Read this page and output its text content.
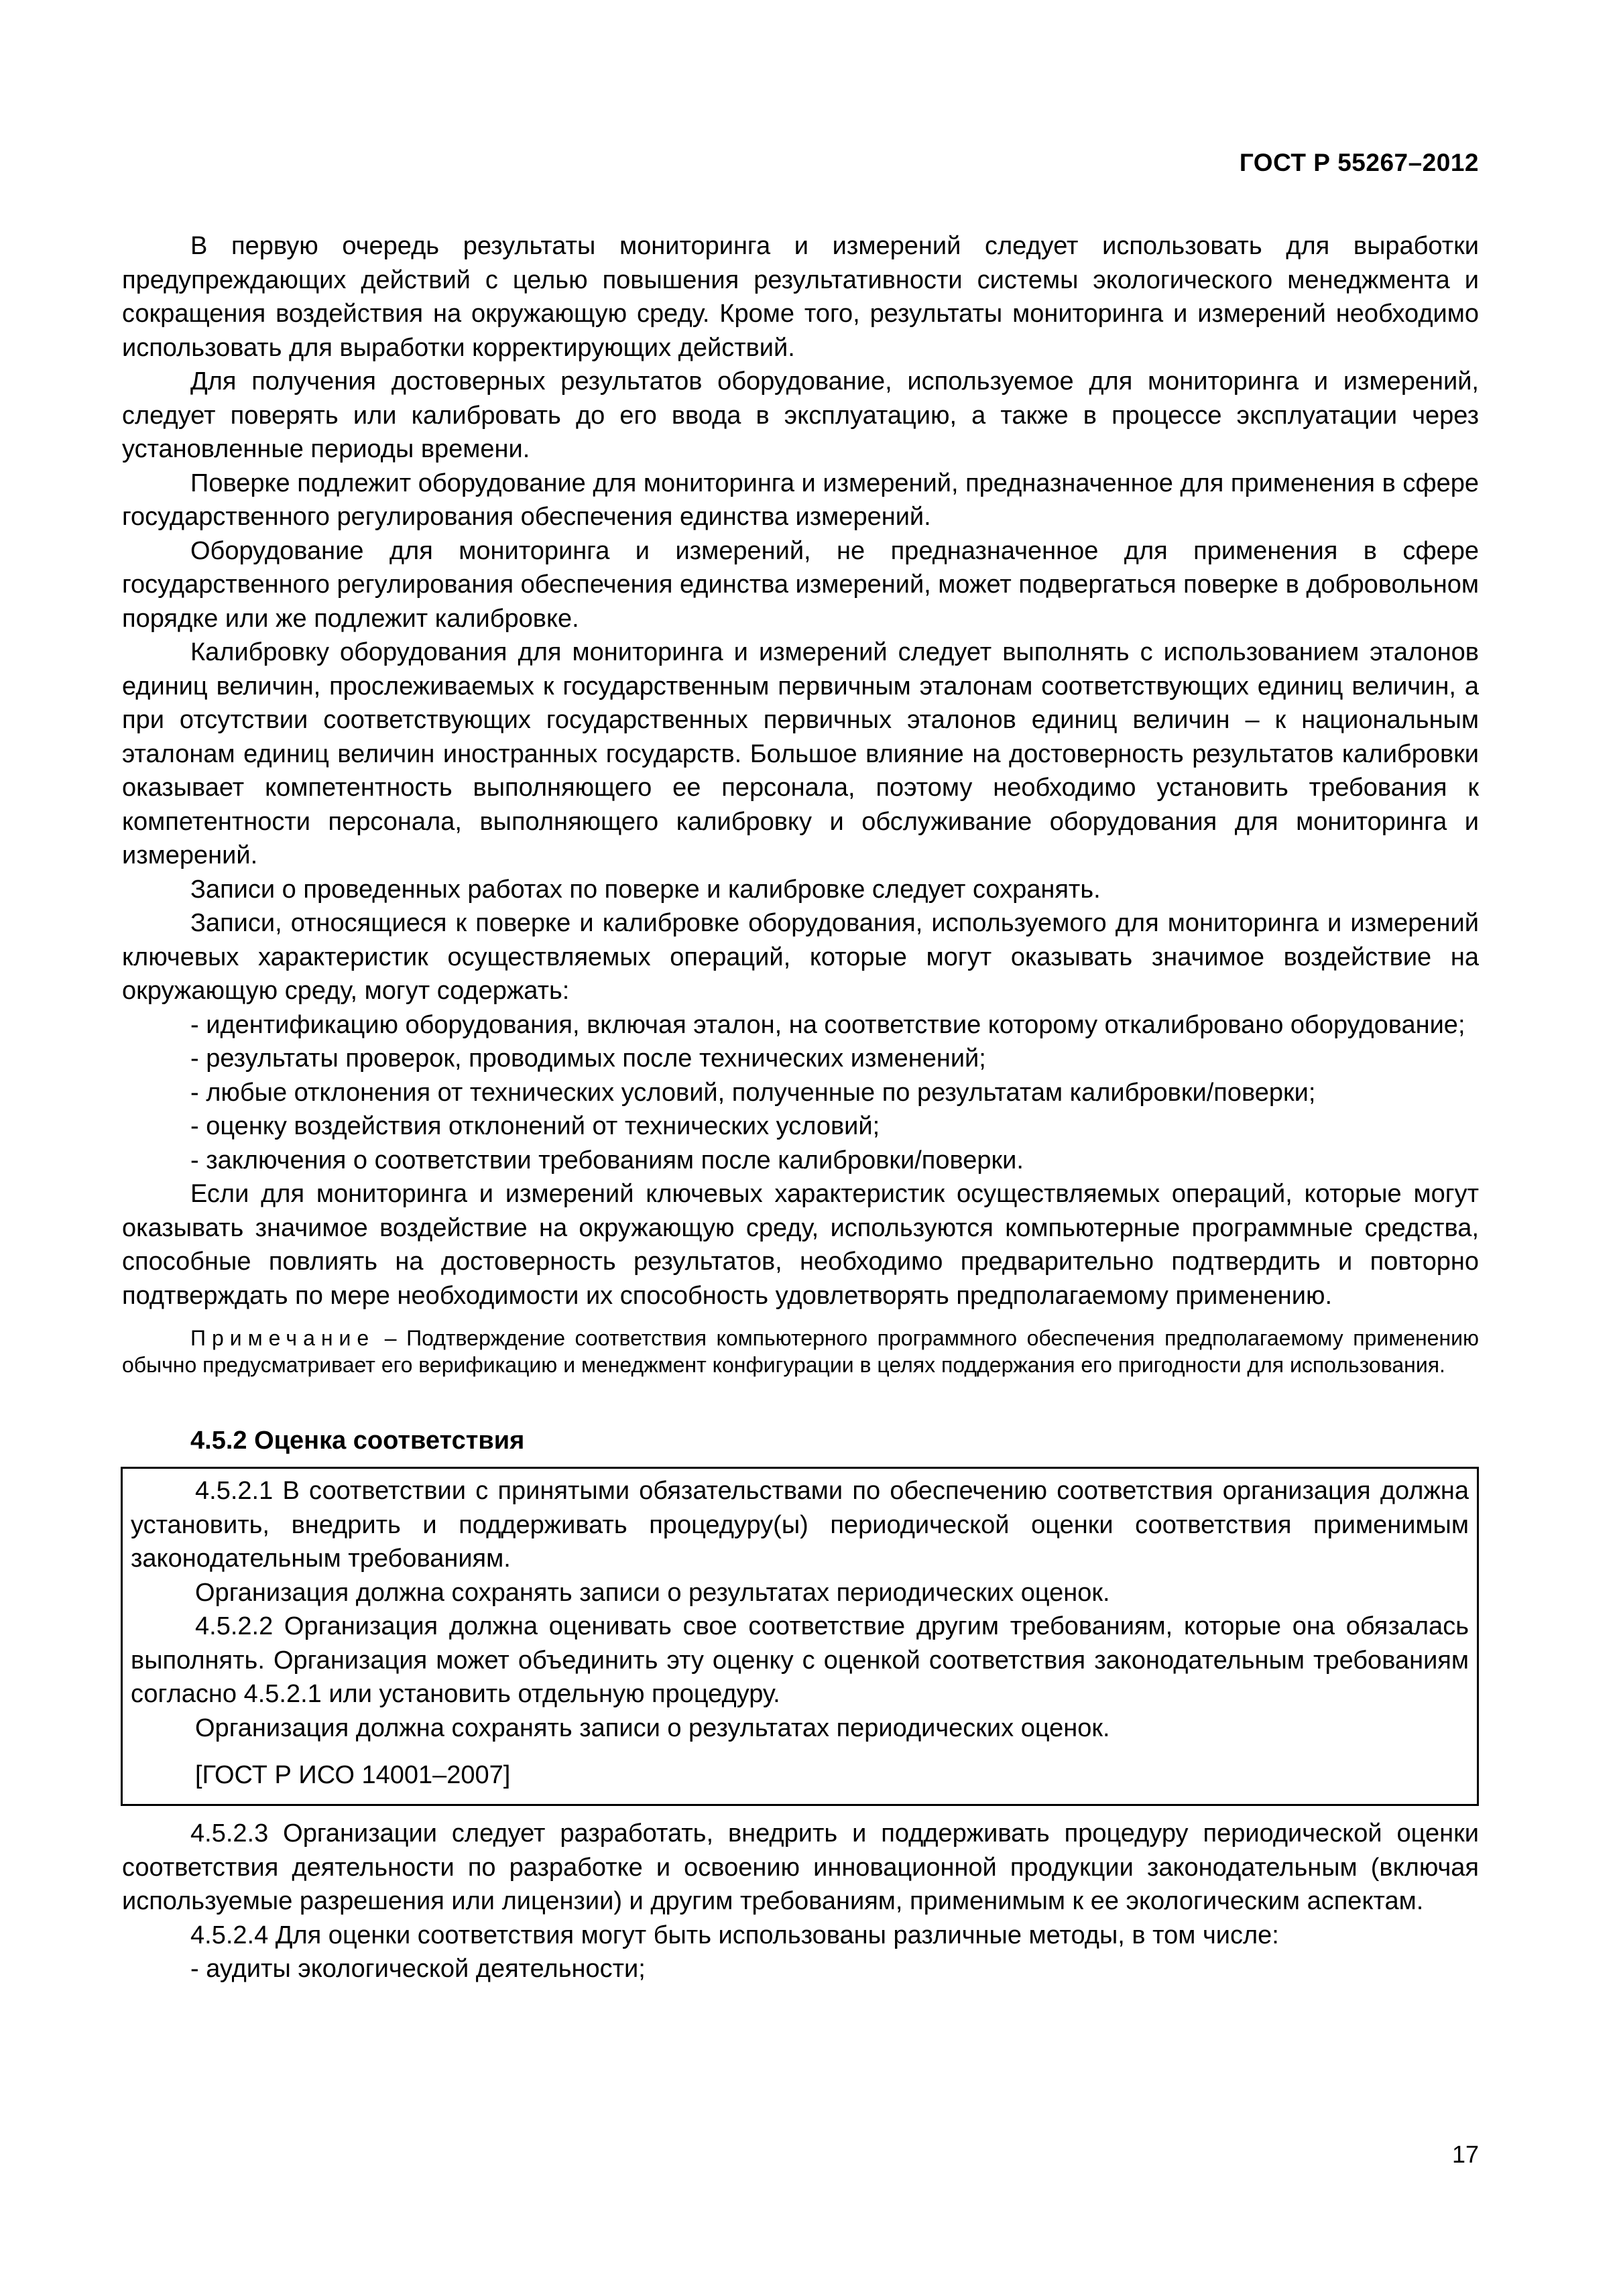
ГОСТ Р 55267–2012

В первую очередь результаты мониторинга и измерений следует использовать для выработки предупреждающих действий с целью повышения результативности системы экологического менеджмента и сокращения воздействия на окружающую среду. Кроме того, результаты мониторинга и измерений необходимо использовать для выработки корректирующих действий.

Для получения достоверных результатов оборудование, используемое для мониторинга и измерений, следует поверять или калибровать до его ввода в эксплуатацию, а также в процессе эксплуатации через установленные периоды времени.

Поверке подлежит оборудование для мониторинга и измерений, предназначенное для применения в сфере государственного регулирования обеспечения единства измерений.

Оборудование для мониторинга и измерений, не предназначенное для применения в сфере государственного регулирования обеспечения единства измерений, может подвергаться поверке в добровольном порядке или же подлежит калибровке.

Калибровку оборудования для мониторинга и измерений следует выполнять с использованием эталонов единиц величин, прослеживаемых к государственным первичным эталонам соответствующих единиц величин, а при отсутствии соответствующих государственных первичных эталонов единиц величин – к национальным эталонам единиц величин иностранных государств. Большое влияние на достоверность результатов калибровки оказывает компетентность выполняющего ее персонала, поэтому необходимо установить требования к компетентности персонала, выполняющего калибровку и обслуживание оборудования для мониторинга и измерений.

Записи о проведенных работах по поверке и калибровке следует сохранять.

Записи, относящиеся к поверке и калибровке оборудования, используемого для мониторинга и измерений ключевых характеристик осуществляемых операций, которые могут оказывать значимое воздействие на окружающую среду, могут содержать:

- идентификацию оборудования, включая эталон, на соответствие которому откалибровано оборудование;

- результаты проверок, проводимых после технических изменений;

- любые отклонения от технических условий, полученные по результатам калибровки/поверки;

- оценку воздействия отклонений от технических условий;

- заключения о соответствии требованиям после калибровки/поверки.

Если для мониторинга и измерений ключевых характеристик осуществляемых операций, которые могут оказывать значимое воздействие на окружающую среду, используются компьютерные программные средства, способные повлиять на достоверность результатов, необходимо предварительно подтвердить и повторно подтверждать по мере необходимости их способность удовлетворять предполагаемому применению.

Примечание – Подтверждение соответствия компьютерного программного обеспечения предполагаемому применению обычно предусматривает его верификацию и менеджмент конфигурации в целях поддержания его пригодности для использования.

4.5.2 Оценка соответствия

4.5.2.1 В соответствии с принятыми обязательствами по обеспечению соответствия организация должна установить, внедрить и поддерживать процедуру(ы) периодической оценки соответствия применимым законодательным требованиям.

Организация должна сохранять записи о результатах периодических оценок.

4.5.2.2 Организация должна оценивать свое соответствие другим требованиям, которые она обязалась выполнять. Организация может объединить эту оценку с оценкой соответствия законодательным требованиям согласно 4.5.2.1 или установить отдельную процедуру.

Организация должна сохранять записи о результатах периодических оценок.

[ГОСТ Р ИСО 14001–2007]

4.5.2.3 Организации следует разработать, внедрить и поддерживать процедуру периодической оценки соответствия деятельности по разработке и освоению инновационной продукции законодательным (включая используемые разрешения или лицензии) и другим требованиям, применимым к ее экологическим аспектам.

4.5.2.4 Для оценки соответствия могут быть использованы различные методы, в том числе:

- аудиты экологической деятельности;

17
